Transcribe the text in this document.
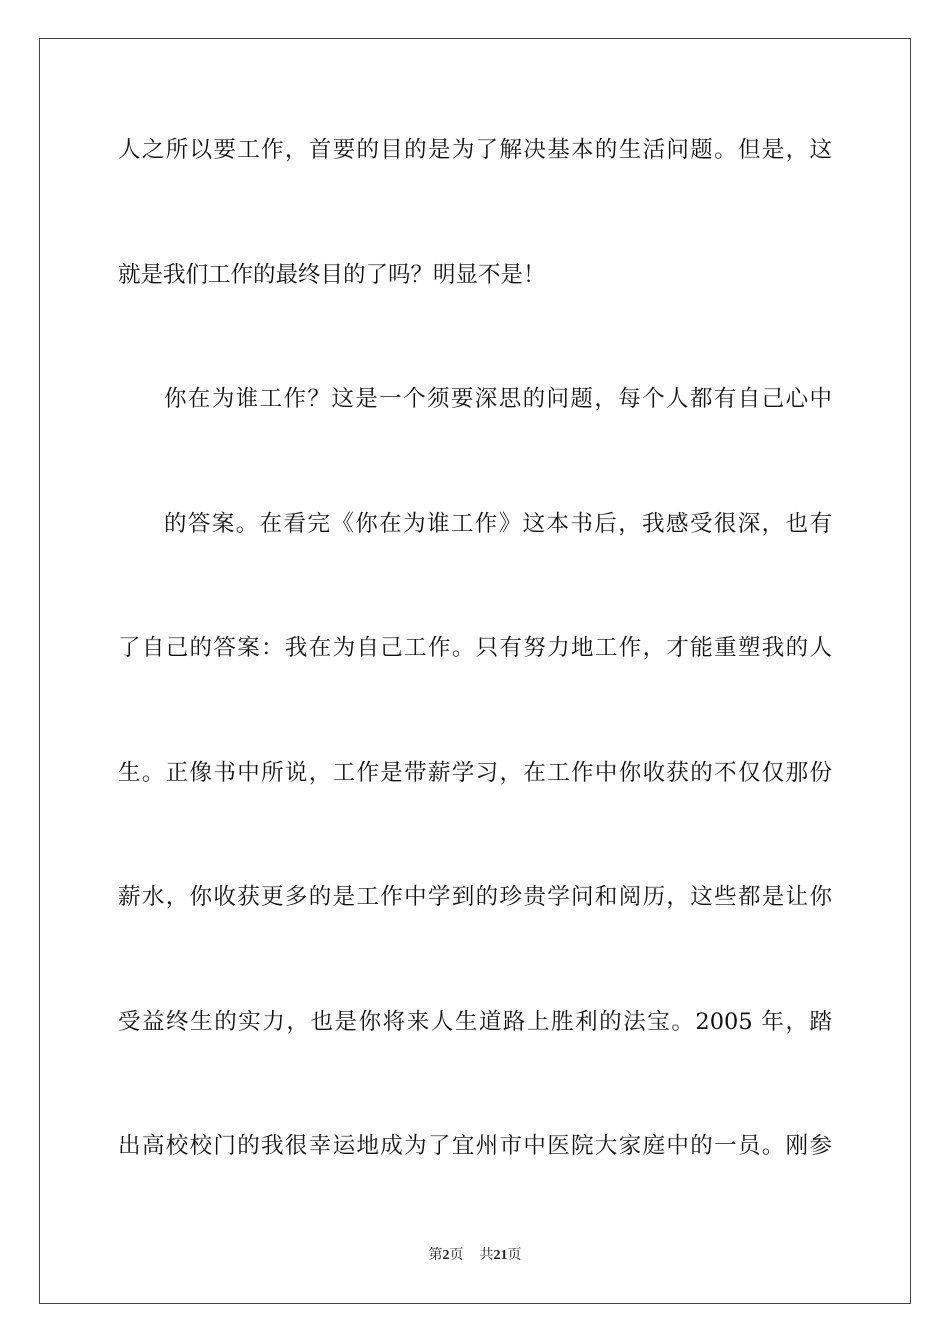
人之所以要工作，首要的目的是为了解决基本的生活问题。但是，这
就是我们工作的最终目的了吗？明显不是！
你在为谁工作？这是一个须要深思的问题，每个人都有自己心中
的答案。在看完《你在为谁工作》这本书后，我感受很深，也有
了自己的答案：我在为自己工作。只有努力地工作，才能重塑我的人
生。正像书中所说，工作是带薪学习，在工作中你收获的不仅仅那份
薪水，你收获更多的是工作中学到的珍贵学问和阅历，这些都是让你
受益终生的实力，也是你将来人生道路上胜利的法宝。2005 年，踏
出高校校门的我很幸运地成为了宜州市中医院大家庭中的一员。刚参
第2页 共21页
